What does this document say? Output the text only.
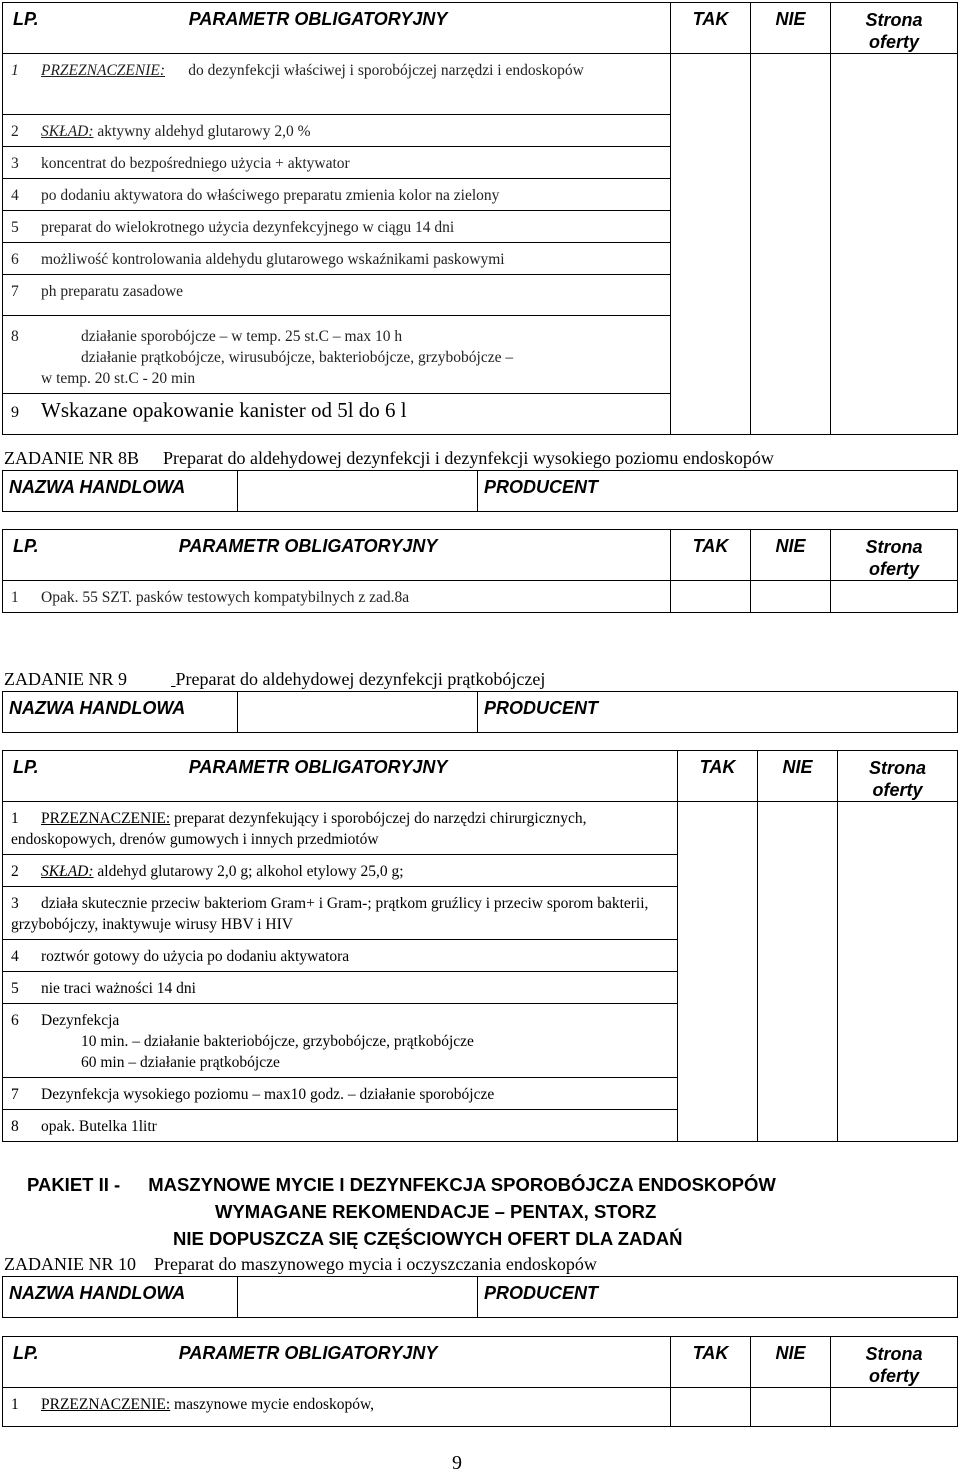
LP. PARAMETR OBLIGATORYJNY	TAK	NIE	Strona
oferty
1 PRZEZNACZENIE: do dezynfekcji właściwej i sporobójczej narzędzi i endoskopów			
2 SKŁAD: aktywny aldehyd glutarowy 2,0 %			
3 koncentrat do bezpośredniego użycia + aktywator			
4 po dodaniu aktywatora do właściwego preparatu zmienia kolor na zielony			
5 preparat do wielokrotnego użycia dezynfekcyjnego w ciągu 14 dni			
6 możliwość kontrolowania aldehydu glutarowego wskaźnikami paskowymi			
7 ph preparatu zasadowe			
8 działanie sporobójcze – w temp. 25 st.C – max 10 h
działanie prątkobójcze, wirusubójcze, bakteriobójcze, grzybobójcze –
w temp. 20 st.C - 20 min			
9 Wskazane opakowanie kanister od 5l do 6 l			
ZADANIE NR 8B Preparat do aldehydowej dezynfekcji i dezynfekcji wysokiego poziomu endoskopów
NAZWA HANDLOWA		PRODUCENT
LP. PARAMETR OBLIGATORYJNY	TAK	NIE	Strona
oferty
1 Opak. 55 SZT. pasków testowych kompatybilnych z zad.8a			
ZADANIE NR 9	Preparat do aldehydowej dezynfekcji prątkobójczej
NAZWA HANDLOWA		PRODUCENT
LP. PARAMETR OBLIGATORYJNY	TAK	NIE	Strona
oferty
1 PRZEZNACZENIE: preparat dezynfekujący i sporobójczej do narzędzi chirurgicznych, endoskopowych, drenów gumowych i innych przedmiotów			
2 SKŁAD: aldehyd glutarowy 2,0 g; alkohol etylowy 25,0 g;			
3 działa skutecznie przeciw bakteriom Gram+ i Gram-; prątkom gruźlicy i przeciw sporom bakterii, grzybobójczy, inaktywuje wirusy HBV i HIV			
4 roztwór gotowy do użycia po dodaniu aktywatora			
5 nie traci ważności 14 dni			
6 Dezynfekcja
10 min. – działanie bakteriobójcze, grzybobójcze, prątkobójcze
60 min – działanie prątkobójcze			
7 Dezynfekcja wysokiego poziomu – max10 godz. – działanie sporobójcze			
8 opak. Butelka 1litr			
PAKIET II - MASZYNOWE MYCIE I DEZYNFEKCJA SPOROBÓJCZA ENDOSKOPÓW
WYMAGANE REKOMENDACJE – PENTAX, STORZ
NIE DOPUSZCZA SIĘ CZĘŚCIOWYCH OFERT DLA ZADAŃ
ZADANIE NR 10 Preparat do maszynowego mycia i oczyszczania endoskopów
NAZWA HANDLOWA		PRODUCENT
LP. PARAMETR OBLIGATORYJNY	TAK	NIE	Strona
oferty
1 PRZEZNACZENIE: maszynowe mycie endoskopów,			
9
